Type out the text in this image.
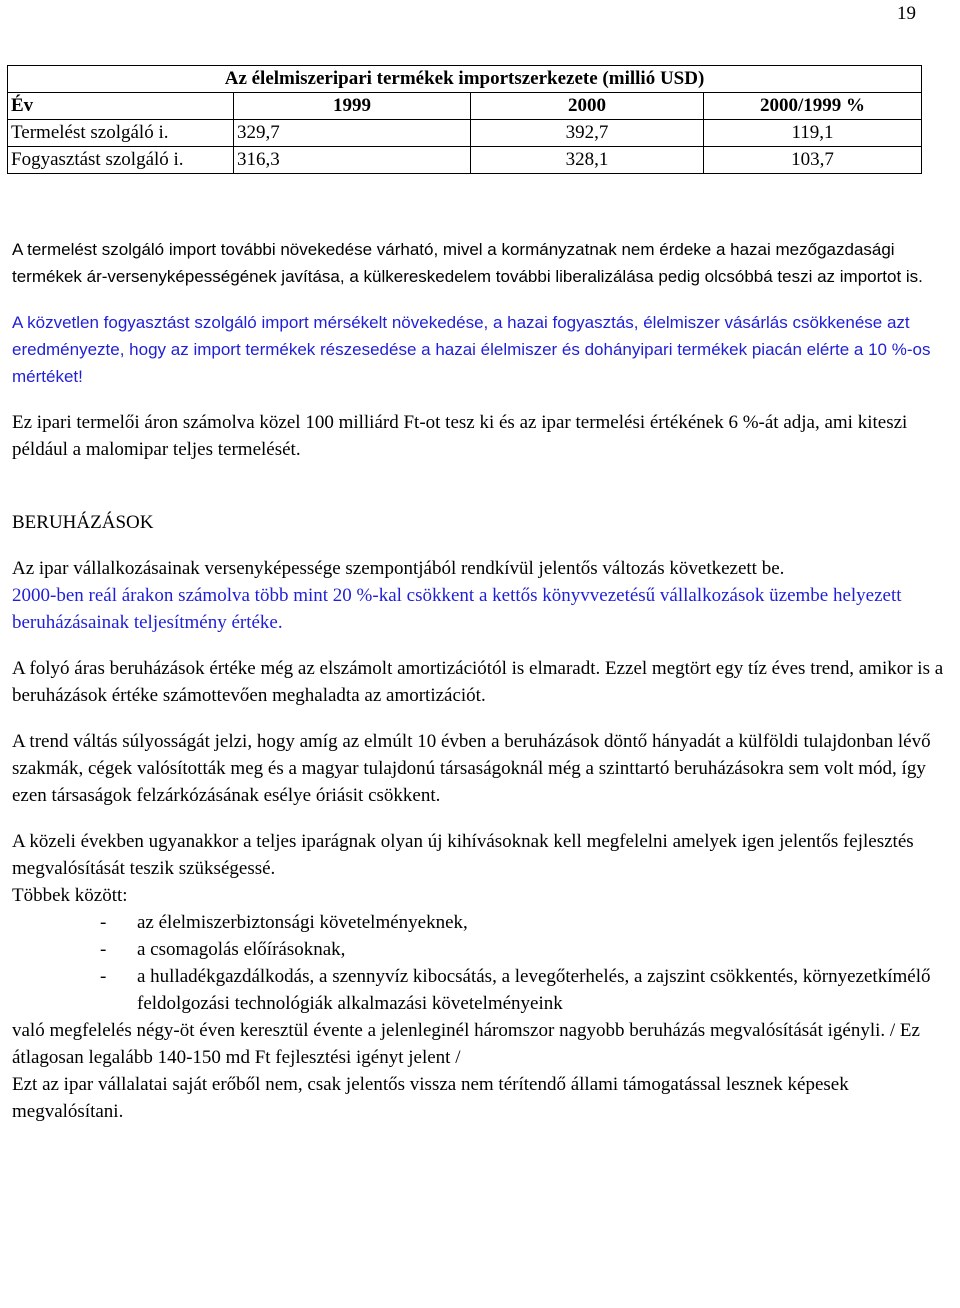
19
Az élelmiszeripari termékek importszerkezete (millió USD)			
Év	1999	2000	2000/1999 %
Termelést szolgáló i.	329,7	392,7	119,1
Fogyasztást szolgáló i.	316,3	328,1	103,7

A termelést szolgáló import további növekedése várható, mivel a kormányzatnak nem érdeke a hazai mezőgazdasági termékek ár-versenyképességének javítása, a külkereskedelem további liberalizálása pedig olcsóbbá teszi az importot is.

A közvetlen fogyasztást szolgáló import mérsékelt növekedése, a hazai fogyasztás, élelmiszer vásárlás csökkenése azt eredményezte, hogy az import termékek részesedése a hazai élelmiszer és dohányipari termékek piacán elérte a 10 %-os mértéket!

Ez ipari termelői áron számolva közel 100 milliárd Ft-ot tesz ki és az ipar termelési értékének 6 %-át adja, ami kiteszi például a malomipar teljes termelését.

BERUHÁZÁSOK

Az ipar vállalkozásainak versenyképessége szempontjából rendkívül jelentős változás következett be.

2000-ben reál árakon számolva több mint 20 %-kal csökkent a kettős könyvvezetésű vállalkozások üzembe helyezett beruházásainak teljesítmény értéke.

A folyó áras beruházások értéke még az elszámolt amortizációtól is elmaradt. Ezzel megtört egy tíz éves trend, amikor is a beruházások értéke számottevően meghaladta az amortizációt.

A trend váltás súlyosságát jelzi, hogy amíg az elmúlt 10 évben a beruházások döntő hányadát a külföldi tulajdonban lévő szakmák, cégek valósították meg és a magyar tulajdonú társaságoknál még a szinttartó beruházásokra sem volt mód, így ezen társaságok felzárkózásának esélye óriásit csökkent.

A közeli években ugyanakkor a teljes iparágnak olyan új kihívásoknak kell megfelelni amelyek igen jelentős fejlesztés megvalósítását teszik szükségessé.

Többek között:

- az élelmiszerbiztonsági követelményeknek,
- a csomagolás előírásoknak,
- a hulladékgazdálkodás, a szennyvíz kibocsátás, a levegőterhelés, a zajszint csökkentés, környezetkímélő feldolgozási technológiák alkalmazási követelményeink

való megfelelés négy-öt éven keresztül évente a jelenleginél háromszor nagyobb beruházás megvalósítását igényli. / Ez átlagosan legalább 140-150 md Ft fejlesztési igényt jelent /

Ezt az ipar vállalatai saját erőből nem, csak jelentős vissza nem térítendő állami támogatással lesznek képesek megvalósítani.
